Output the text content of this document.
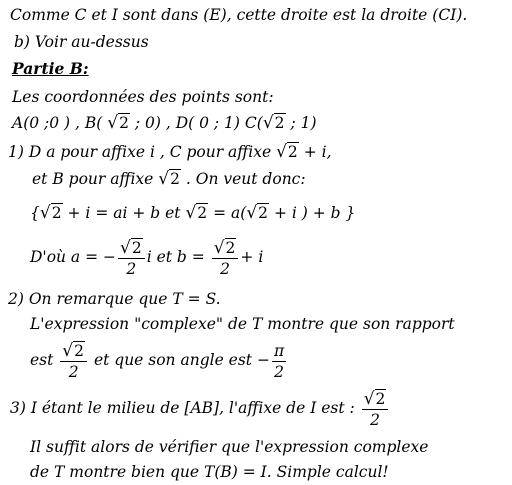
Comme C et I sont dans (E), cette droite est la droite (CI).
b) Voir au-dessus
Partie B:
Les coordonnées des points sont:
A(0 ;0 ) , B( √2 ; 0) , D( 0 ; 1) C(√2 ; 1)
1) D a pour affixe i , C pour affixe √2 + i,
et B pour affixe √2 . On veut donc:
{√2 + i = ai + b et √2 = a(√2 + i ) + b }
D'où a = − $\frac{√2}{2}$ i et $b = \frac{√2}{2} + i$
2) On remarque que T = S.
L'expression "complexe" de T montre que son rapport
est $\frac{√2}{2}$ et que son angle est − $\frac{\pi}{2}$
3) I étant le milieu de [AB], l'affixe de I est : $\frac{√2}{2}$
Il suffit alors de vérifier que l'expression complexe
de T montre bien que T(B) = I. Simple calcul!
